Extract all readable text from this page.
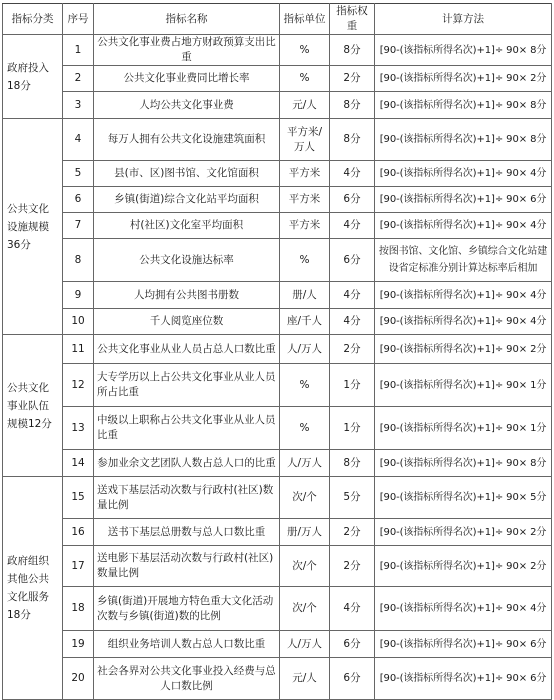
指标分类	序号	指标名称	指标单位	指标权重	计算方法
政府投入18分	1	公共文化事业费占地方财政预算支出比重	%	8分	[90-(该指标所得名次)+1]÷ 90× 8分
	2	公共文化事业费同比增长率	%	2分	[90-(该指标所得名次)+1]÷ 90× 2分
	3	人均公共文化事业费	元/人	8分	[90-(该指标所得名次)+1]÷ 90× 8分
公共文化设施规模36分	4	每万人拥有公共文化设施建筑面积	平方米/万人	8分	[90-(该指标所得名次)+1]÷ 90× 8分
	5	县(市、区)图书馆、文化馆面积	平方米	4分	[90-(该指标所得名次)+1]÷ 90× 4分
	6	乡镇(街道)综合文化站平均面积	平方米	6分	[90-(该指标所得名次)+1]÷ 90× 6分
	7	村(社区)文化室平均面积	平方米	4分	[90-(该指标所得名次)+1]÷ 90× 4分
	8	公共文化设施达标率	%	6分	按图书馆、文化馆、乡镇综合文化站建设省定标准分别计算达标率后相加
	9	人均拥有公共图书册数	册/人	4分	[90-(该指标所得名次)+1]÷ 90× 4分
	10	千人阅览座位数	座/千人	4分	[90-(该指标所得名次)+1]÷ 90× 4分
公共文化事业队伍规模12分	11	公共文化事业从业人员占总人口数比重	人/万人	2分	[90-(该指标所得名次)+1]÷ 90× 2分
	12	大专学历以上占公共文化事业从业人员所占比重	%	1分	[90-(该指标所得名次)+1]÷ 90× 1分
	13	中级以上职称占公共文化事业从业人员比重	%	1分	[90-(该指标所得名次)+1]÷ 90× 1分
	14	参加业余文艺团队人数占总人口的比重	人/万人	8分	[90-(该指标所得名次)+1]÷ 90× 8分
政府组织其他公共文化服务18分	15	送戏下基层活动次数与行政村(社区)数量比例	次/个	5分	[90-(该指标所得名次)+1]÷ 90× 5分
	16	送书下基层总册数与总人口数比重	册/万人	2分	[90-(该指标所得名次)+1]÷ 90× 2分
	17	送电影下基层活动次数与行政村(社区)数量比例	次/个	2分	[90-(该指标所得名次)+1]÷ 90× 2分
	18	乡镇(街道)开展地方特色重大文化活动次数与乡镇(街道)数的比例	次/个	4分	[90-(该指标所得名次)+1]÷ 90× 4分
	19	组织业务培训人数占总人口数比重	人/万人	6分	[90-(该指标所得名次)+1]÷ 90× 6分
	20	社会各界对公共文化事业投入经费与总人口数比例	元/人	6分	[90-(该指标所得名次)+1]÷ 90× 6分
